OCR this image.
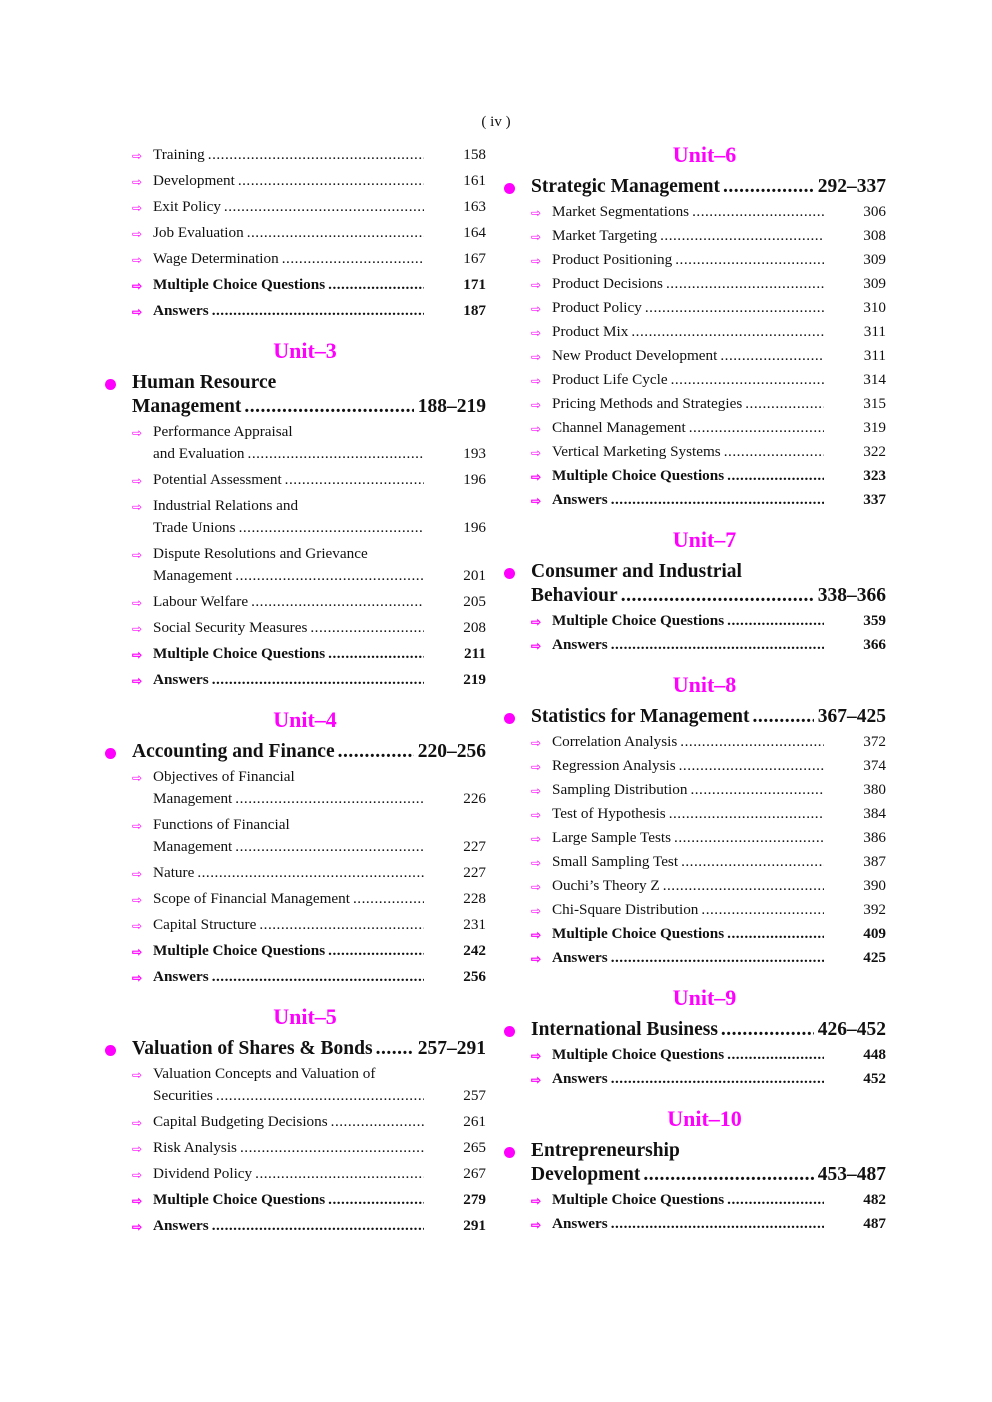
( iv )
⇨ Training .....	158
⇨ Development .....	161
⇨ Exit Policy .....	163
⇨ Job Evaluation .....	164
⇨ Wage Determination .....	167
⇨ Multiple Choice Questions .....	171
⇨ Answers .....	187
Unit–3
Human Resource
Management .....	188–219
⇨ Performance Appraisal
and Evaluation .....	193
⇨ Potential Assessment .....	196
⇨ Industrial Relations and
Trade Unions .....	196
⇨ Dispute Resolutions and Grievance
Management .....	201
⇨ Labour Welfare .....	205
⇨ Social Security Measures .....	208
⇨ Multiple Choice Questions .....	211
⇨ Answers .....	219
Unit–4
Accounting and Finance .....	220–256
⇨ Objectives of Financial
Management .....	226
⇨ Functions of Financial
Management .....	227
⇨ Nature .....	227
⇨ Scope of Financial Management .....	228
⇨ Capital Structure .....	231
⇨ Multiple Choice Questions .....	242
⇨ Answers .....	256
Unit–5
Valuation of Shares & Bonds ..... 257–291
⇨ Valuation Concepts and Valuation of
Securities .....	257
⇨ Capital Budgeting Decisions .....	261
⇨ Risk Analysis .....	265
⇨ Dividend Policy .....	267
⇨ Multiple Choice Questions .....	279
⇨ Answers .....	291
Unit–6
Strategic Management .....	292–337
⇨ Market Segmentations .....	306
⇨ Market Targeting .....	308
⇨ Product Positioning .....	309
⇨ Product Decisions .....	309
⇨ Product Policy .....	310
⇨ Product Mix .....	311
⇨ New Product Development .....	311
⇨ Product Life Cycle .....	314
⇨ Pricing Methods and Strategies .....	315
⇨ Channel Management .....	319
⇨ Vertical Marketing Systems .....	322
⇨ Multiple Choice Questions .....	323
⇨ Answers .....	337
Unit–7
Consumer and Industrial
Behaviour .....	338–366
⇨ Multiple Choice Questions .....	359
⇨ Answers .....	366
Unit–8
Statistics for Management .....	367–425
⇨ Correlation Analysis .....	372
⇨ Regression Analysis .....	374
⇨ Sampling Distribution .....	380
⇨ Test of Hypothesis .....	384
⇨ Large Sample Tests .....	386
⇨ Small Sampling Test .....	387
⇨ Ouchi’s Theory Z .....	390
⇨ Chi-Square Distribution .....	392
⇨ Multiple Choice Questions .....	409
⇨ Answers .....	425
Unit–9
International Business .....	426–452
⇨ Multiple Choice Questions .....	448
⇨ Answers .....	452
Unit–10
Entrepreneurship
Development .....	453–487
⇨ Multiple Choice Questions .....	482
⇨ Answers .....	487
